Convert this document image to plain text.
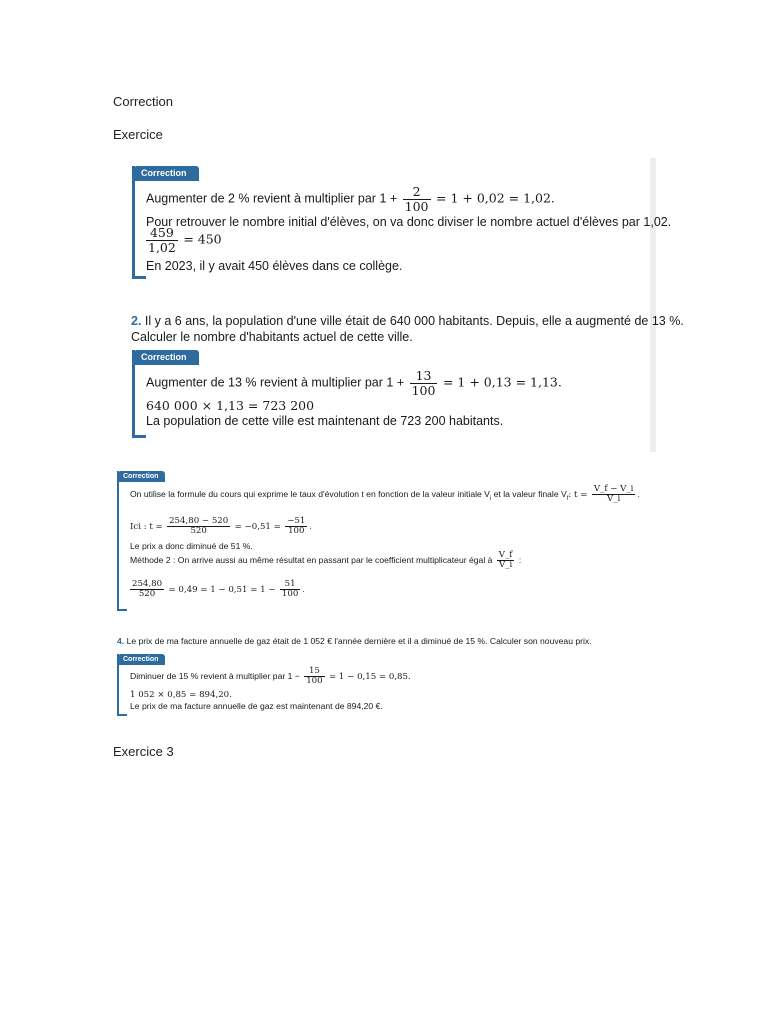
Correction
Exercice
Exercice 3
Correction
Augmenter de 2 % revient à multiplier par $1 + \frac{2}{100} = 1 + 0,02 = 1,02$.
Pour retrouver le nombre initial d'élèves, on va donc diviser le nombre actuel d'élèves par 1,02.
$\frac{459}{1,02} = 450$
En 2023, il y avait 450 élèves dans ce collège.
2. Il y a 6 ans, la population d'une ville était de 640 000 habitants. Depuis, elle a augmenté de 13 %.
Calculer le nombre d'habitants actuel de cette ville.
Correction
Augmenter de 13 % revient à multiplier par $1 + \frac{13}{100} = 1 + 0,13 = 1,13$.
640 000 × 1,13 = 723 200
La population de cette ville est maintenant de 723 200 habitants.
Correction
On utilise la formule du cours qui exprime le taux d'évolution t en fonction de la valeur initiale $V_i$ et la valeur finale $V_f$: $t = \frac{V\_f - V\_i}{V\_i}$ .
Ici : $t = \frac{254,80 - 520}{520} = -0,51 = \frac{-51}{100}$ .
Le prix a donc diminué de 51 %.
Méthode 2 : On arrive aussi au même résultat en passant par le coefficient multiplicateur égal à $\frac{V\_f}{V\_i}$ :
$\frac{254,80}{520} = 0,49 = 1 - 0,51 = 1 - \frac{51}{100}$ .
4. Le prix de ma facture annuelle de gaz était de 1 052 € l'année dernière et il a diminué de 15 %. Calculer son nouveau prix.
Correction
Diminuer de 15 % revient à multiplier par $1 - \frac{15}{100} = 1 - 0,15 = 0,85$.
1 052 × 0,85 = 894,20.
Le prix de ma facture annuelle de gaz est maintenant de 894,20 €.
